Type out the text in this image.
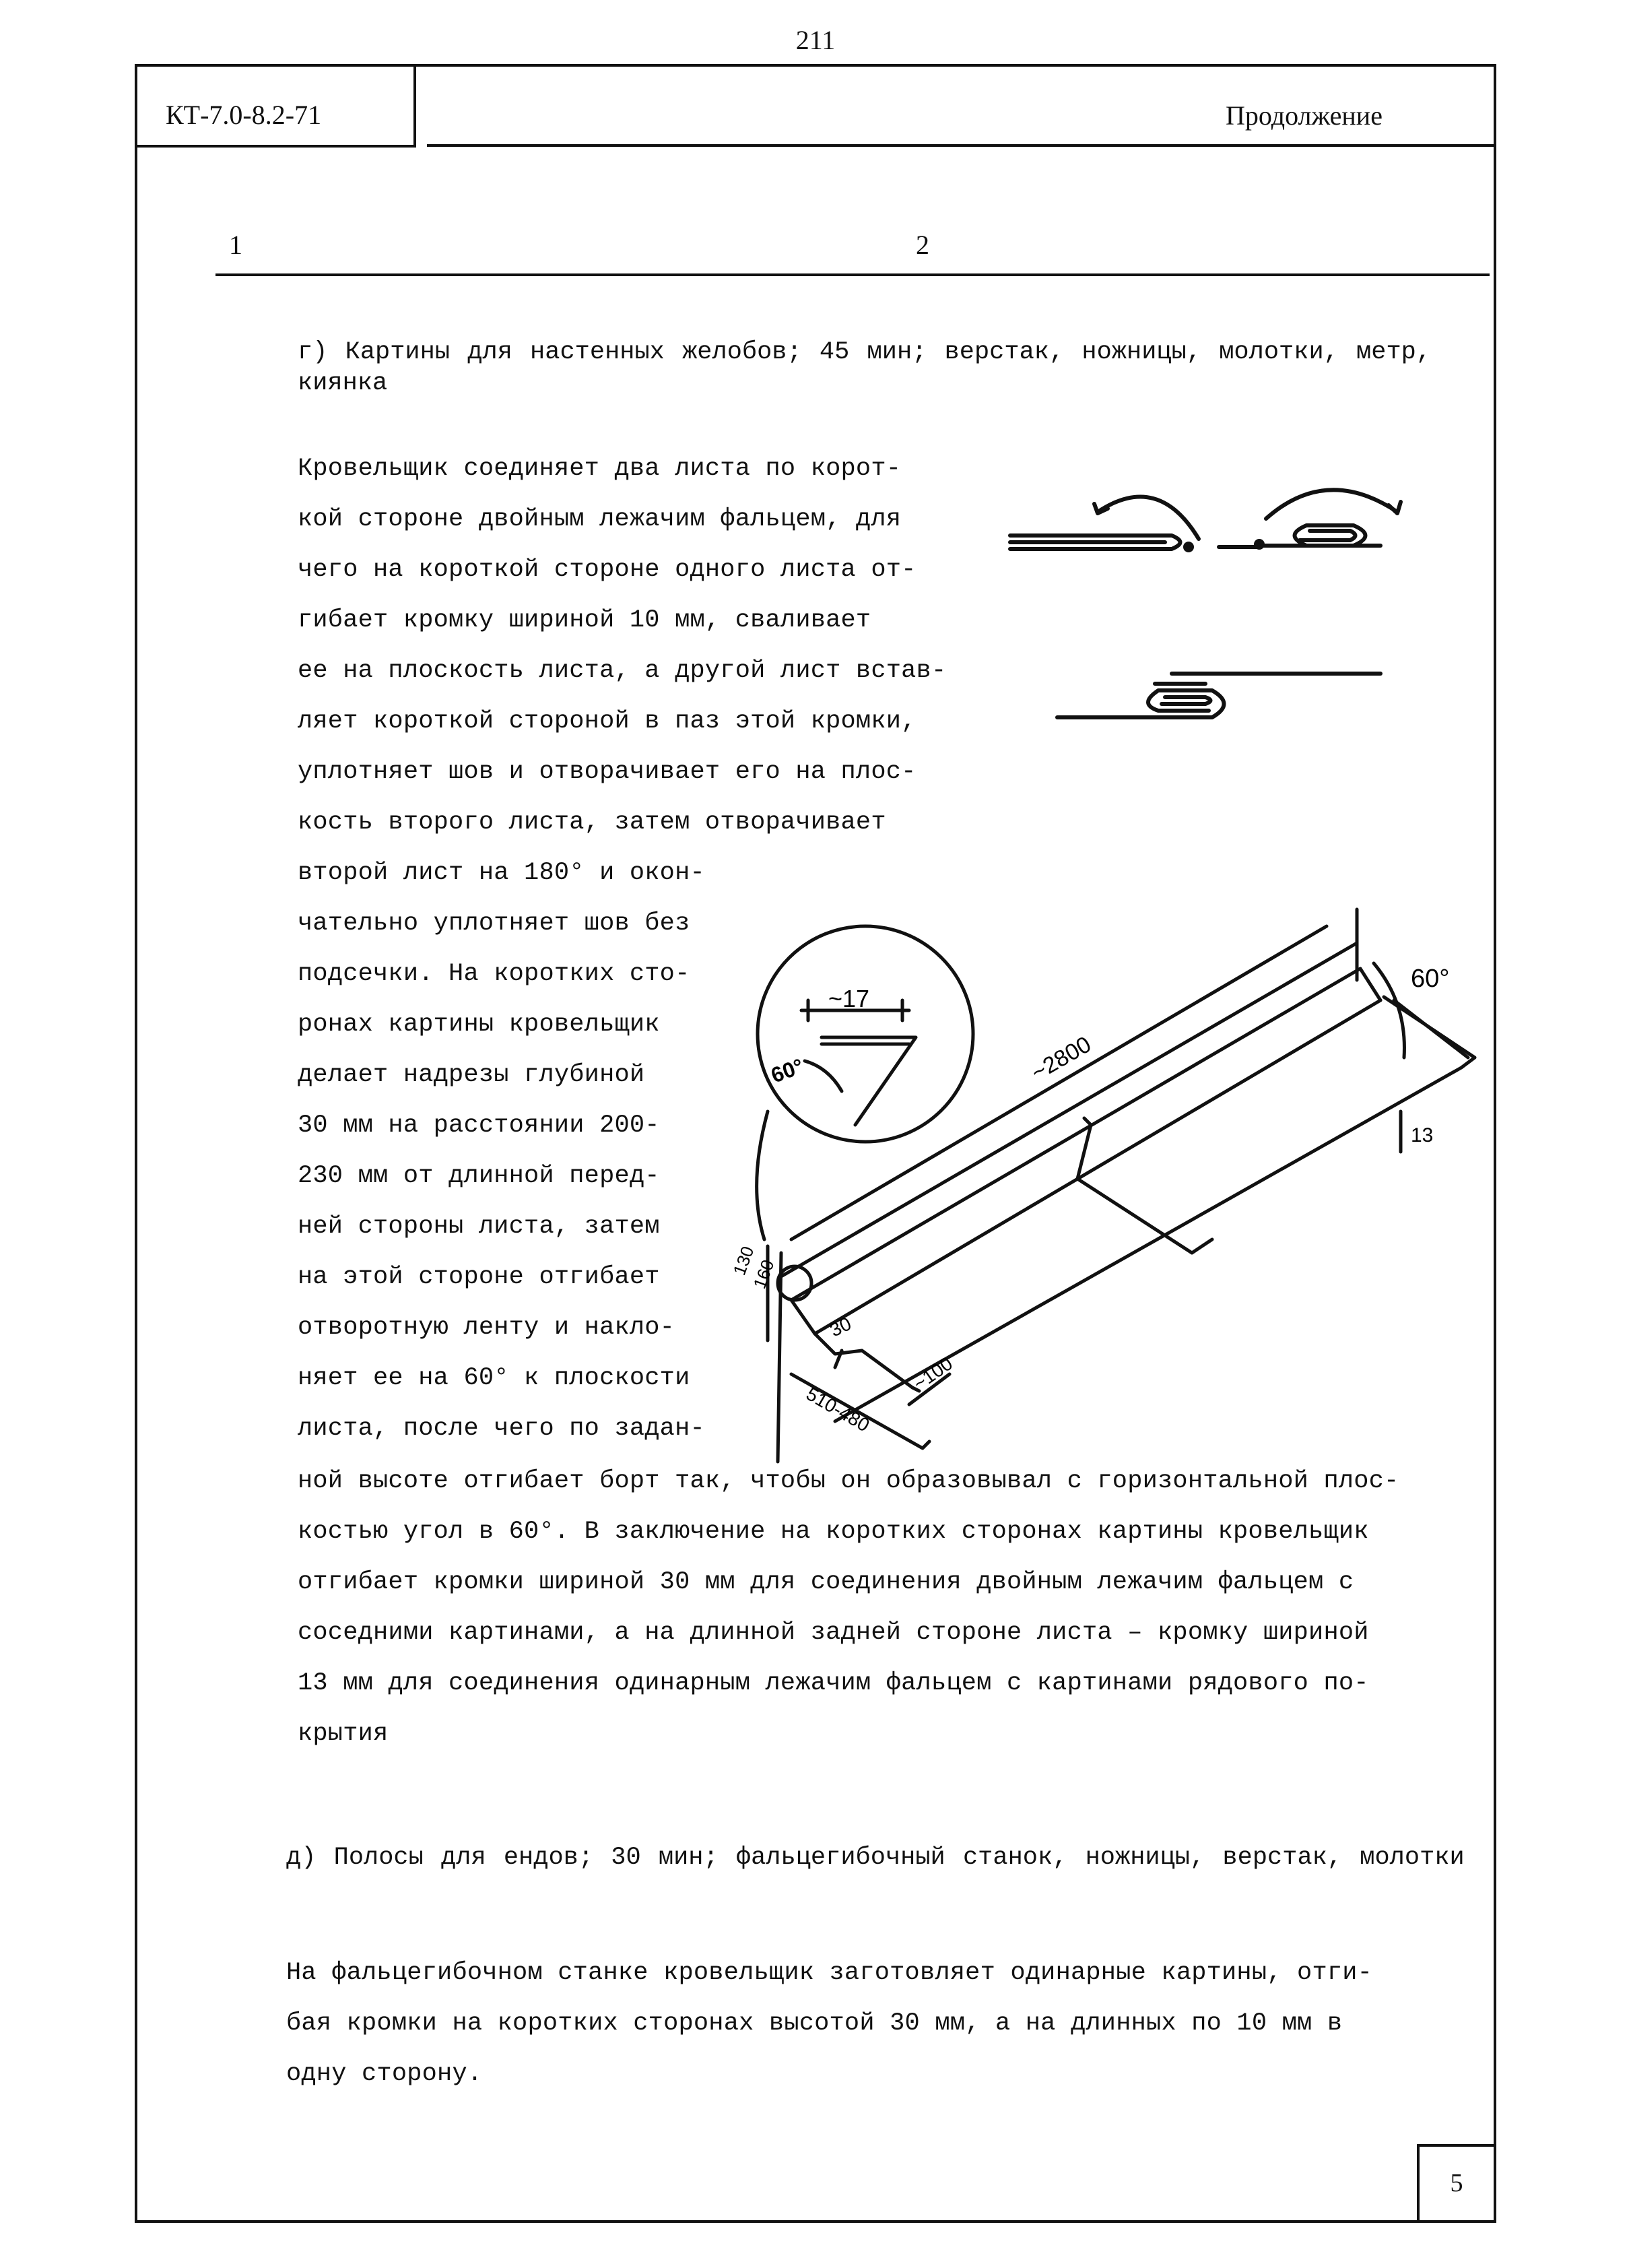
211
КТ-7.0-8.2-71	Продолжение
1	2
г) Картины для настенных желобов; 45 мин; верстак, ножницы, молотки, метр, киянка
Кровельщик соединяет два листа по корот-
кой стороне двойным лежачим фальцем, для
чего на короткой стороне одного листа от-
гибает кромку шириной 10 мм, сваливает
ее на плоскость листа, а другой лист встав-
ляет короткой стороной в паз этой кромки,
уплотняет шов и отворачивает его на плос-
кость второго листа, затем отворачивает
второй лист на 180° и окон-
чательно уплотняет шов без
подсечки. На коротких сто-
ронах картины кровельщик
делает надрезы глубиной
30 мм на расстоянии 200-
230 мм от длинной перед-
ней стороны листа, затем
на этой стороне отгибает
отворотную ленту и накло-
няет ее на 60° к плоскости
листа, после чего по задан-
ной высоте отгибает борт так, чтобы он образовывал с горизонтальной плос-
костью угол в 60°. В заключение на коротких сторонах картины кровельщик
отгибает кромки шириной 30 мм для соединения двойным лежачим фальцем с
соседними картинами, а на длинной задней стороне листа – кромку шириной
13 мм для соединения одинарным лежачим фальцем с картинами рядового по-
крытия
~17
60°	~2800
60°
13
130
160
30
~100
510-480
д) Полосы для ендов; 30 мин; фальцегибочный станок, ножницы, верстак, молотки
На фальцегибочном станке кровельщик заготовляет одинарные картины, отги-
бая кромки на коротких сторонах высотой 30 мм, а на длинных по 10 мм в
одну сторону.
5
